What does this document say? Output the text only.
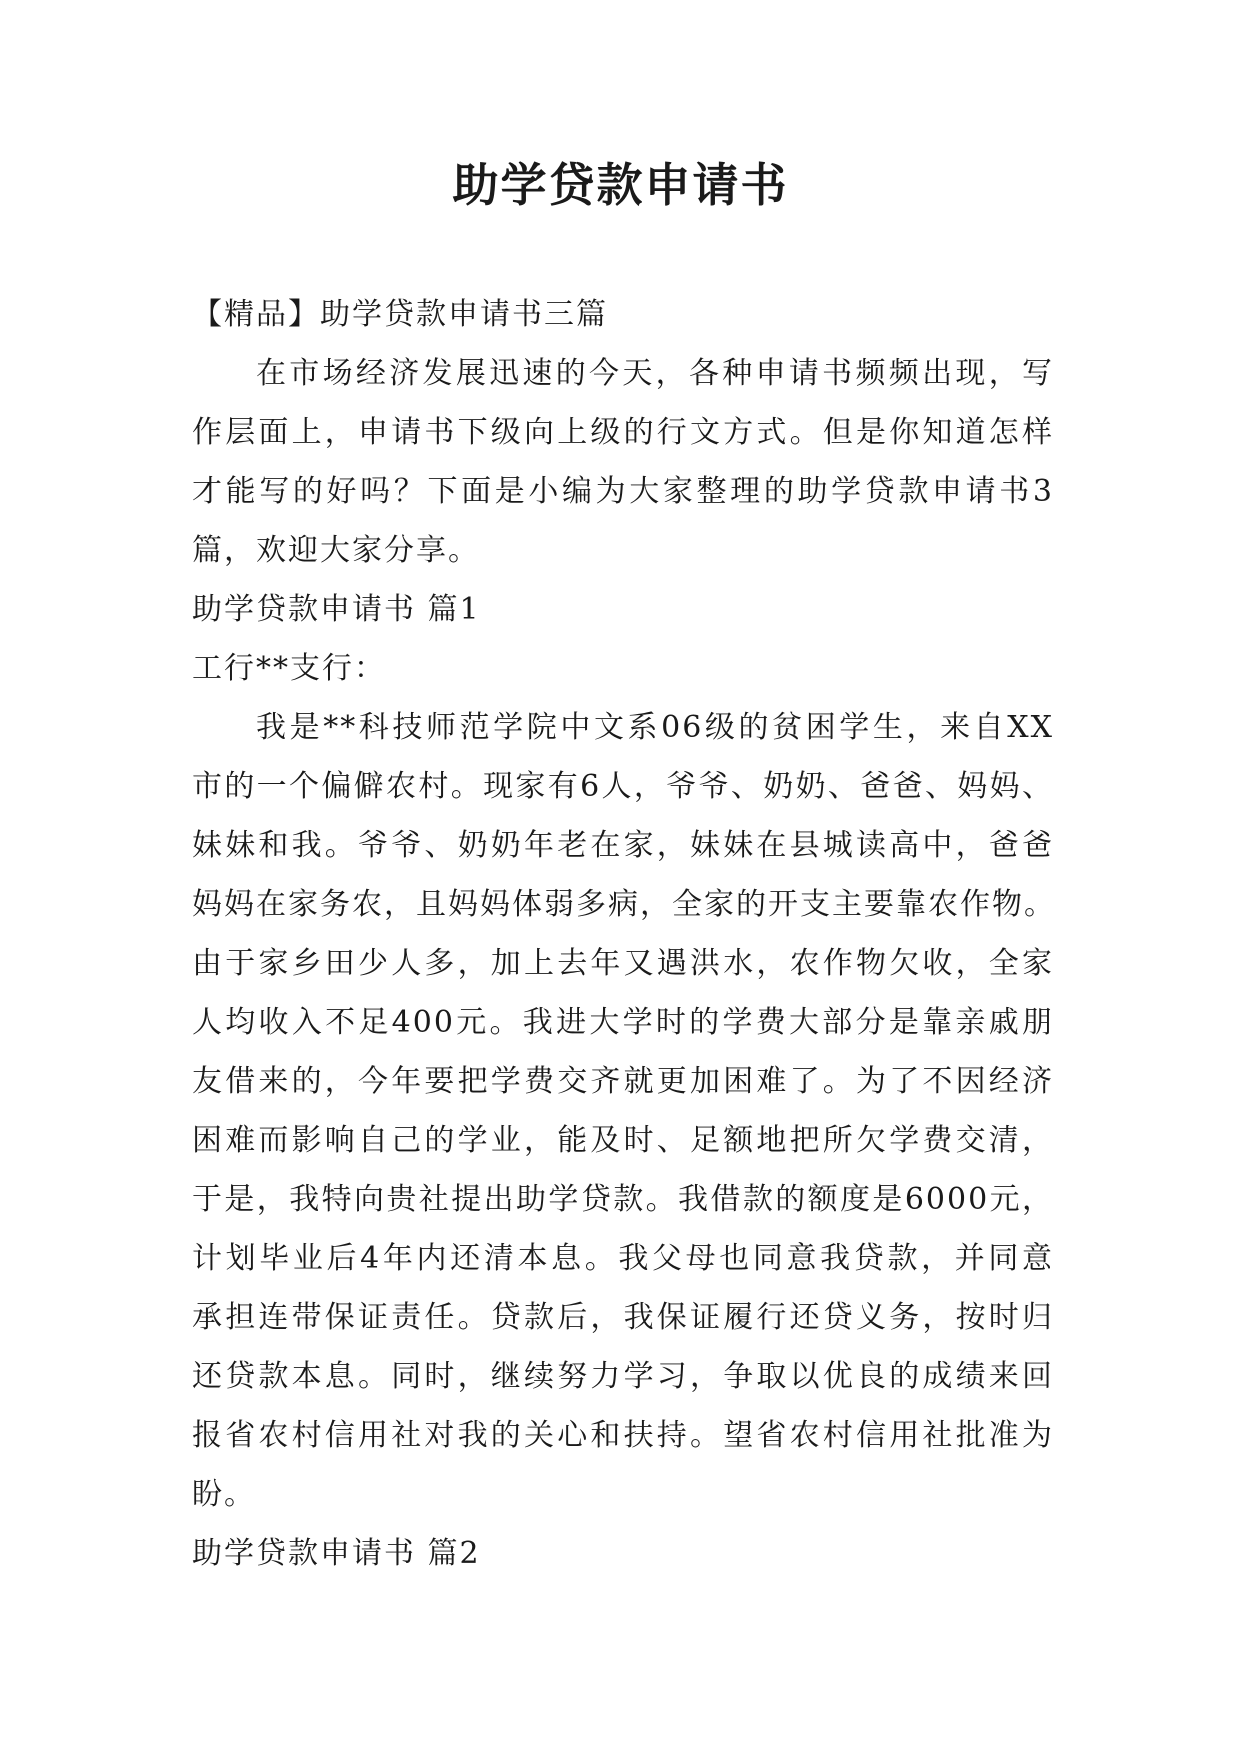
助学贷款申请书
【精品】助学贷款申请书三篇
在市场经济发展迅速的今天，各种申请书频频出现，写
作层面上，申请书下级向上级的行文方式。但是你知道怎样
才能写的好吗？下面是小编为大家整理的助学贷款申请书3
篇，欢迎大家分享。
助学贷款申请书 篇1
工行**支行：
我是**科技师范学院中文系06级的贫困学生，来自XX
市的一个偏僻农村。现家有6人，爷爷、奶奶、爸爸、妈妈、
妹妹和我。爷爷、奶奶年老在家，妹妹在县城读高中，爸爸
妈妈在家务农，且妈妈体弱多病，全家的开支主要靠农作物。
由于家乡田少人多，加上去年又遇洪水，农作物欠收，全家
人均收入不足400元。我进大学时的学费大部分是靠亲戚朋
友借来的，今年要把学费交齐就更加困难了。为了不因经济
困难而影响自己的学业，能及时、足额地把所欠学费交清，
于是，我特向贵社提出助学贷款。我借款的额度是6000元，
计划毕业后4年内还清本息。我父母也同意我贷款，并同意
承担连带保证责任。贷款后，我保证履行还贷义务，按时归
还贷款本息。同时，继续努力学习，争取以优良的成绩来回
报省农村信用社对我的关心和扶持。望省农村信用社批准为
盼。
助学贷款申请书 篇2
